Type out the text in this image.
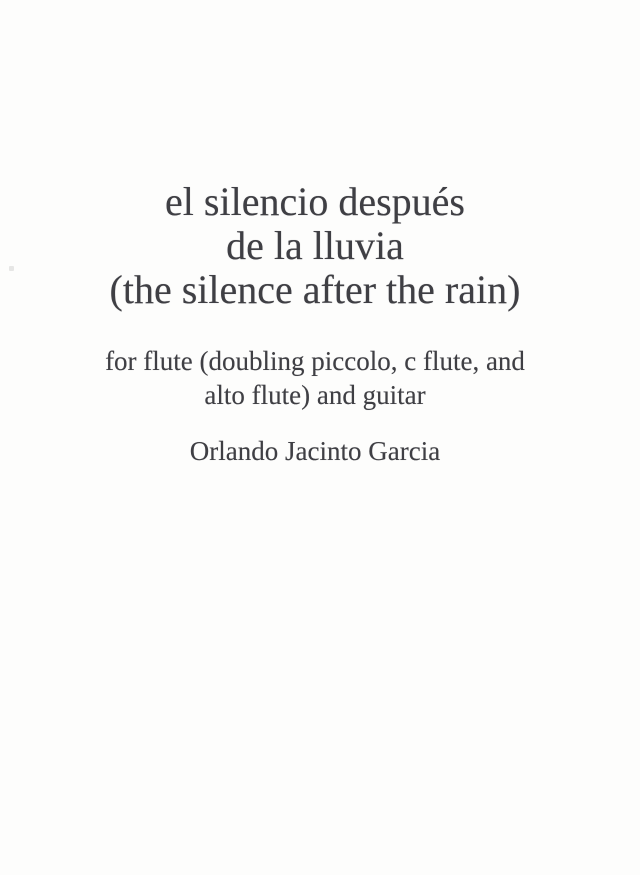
el silencio después
de la lluvia
(the silence after the rain)
for flute (doubling piccolo, c flute, and
alto flute) and guitar
Orlando Jacinto Garcia
